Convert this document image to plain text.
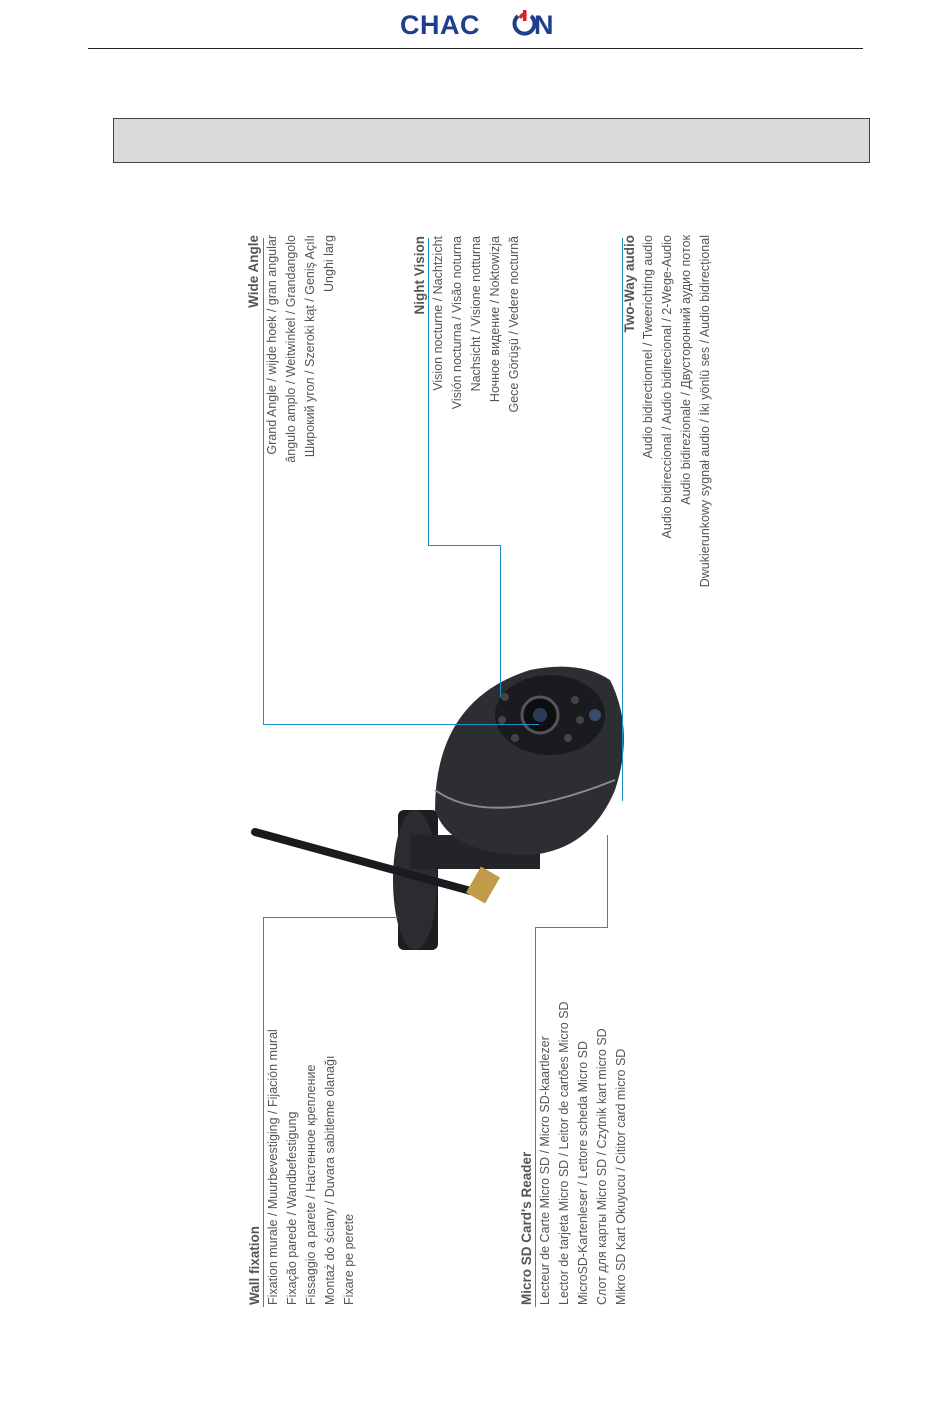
CHAC N
Wide Angle Grand Angle / wijde hoek / gran angular ângulo amplo / Weitwinkel / Grandangolo Широкий угол / Szeroki kąt / Geniş Açılı Unghi larg	Night Vision Vision nocturne / Nachtzicht Visión nocturna / Visão noturna Nachsicht / Visione notturna Ночное видение / Noktowizja Gece Görüşü / Vedere nocturnă	Two-Way audio Audio bidirectionnel / Tweerichting audio Audio bidireccional / Audio bidirecional / 2-Wege-Audio Audio bidirezionale / Двусторонний аудио поток Dwukierunkowy sygnał audio / İki yönlü ses / Audio bidirecțional
Wall fixation Fixation murale / Muurbevestiging / Fijación mural Fixação parede / Wandbefestigung Fissaggio a parete / Настенное крепление Montaż do ściany / Duvara sabitleme olanağı Fixare pe perete	Micro SD Card's Reader Lecteur de Carte Micro SD / Micro SD-kaartlezer Lector de tarjeta Micro SD / Leitor de cartões Micro SD MicroSD-Kartenleser / Lettore scheda Micro SD Слот для карты Micro SD / Czytnik kart micro SD Mikro SD Kart Okuyucu / Cititor card micro SD
